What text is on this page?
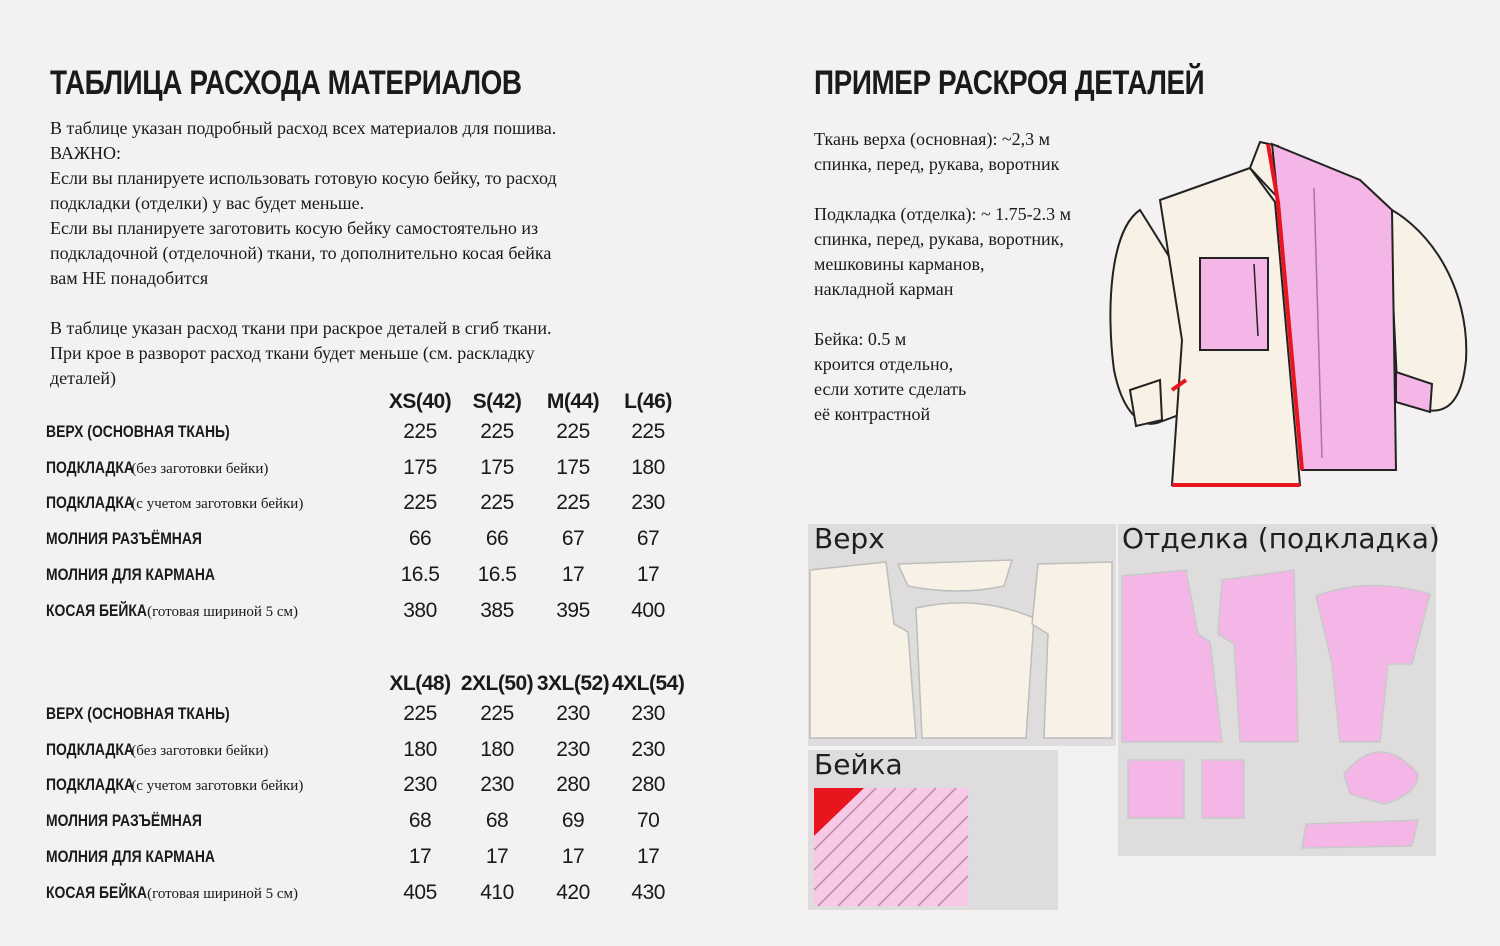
ТАБЛИЦА РАСХОДА МАТЕРИАЛОВ

В таблице указан подробный расход всех материалов для пошива.

ВАЖНО:

Если вы планируете использовать готовую косую бейку, то расход

подкладки (отделки) у вас будет меньше.

Если вы планируете заготовить косую бейку самостоятельно из

подкладочной (отделочной) ткани, то дополнительно косая бейка

вам НЕ понадобится

В таблице указан расход ткани при раскрое деталей в сгиб ткани.

При крое в разворот расход ткани будет меньше (см. раскладку

деталей)

	XS(40)	S(42)	M(44)	L(46)
ВЕРХ (ОСНОВНАЯ ТКАНЬ)	225	225	225	225
ПОДКЛАДКА(без заготовки бейки)	175	175	175	180
ПОДКЛАДКА(с учетом заготовки бейки)	225	225	225	230
МОЛНИЯ РАЗЪЁМНАЯ	66	66	67	67
МОЛНИЯ ДЛЯ КАРМАНА	16.5	16.5	17	17
КОСАЯ БЕЙКА(готовая шириной 5 см)	380	385	395	400
	XL(48)	2XL(50)	3XL(52)	4XL(54)
ВЕРХ (ОСНОВНАЯ ТКАНЬ)	225	225	230	230
ПОДКЛАДКА(без заготовки бейки)	180	180	230	230
ПОДКЛАДКА(с учетом заготовки бейки)	230	230	280	280
МОЛНИЯ РАЗЪЁМНАЯ	68	68	69	70
МОЛНИЯ ДЛЯ КАРМАНА	17	17	17	17
КОСАЯ БЕЙКА(готовая шириной 5 см)	405	410	420	430
ПРИМЕР РАСКРОЯ ДЕТАЛЕЙ

Ткань верха (основная): ~2,3 м
спинка, перед, рукава, воротник

Подкладка (отделка): ~ 1.75-2.3 м
спинка, перед, рукава, воротник,
мешковины карманов,
накладной карман

Бейка: 0.5 м
кроится отдельно,
если хотите сделать
её контрастной

Верх	Отделка (подкладка)
Бейка
